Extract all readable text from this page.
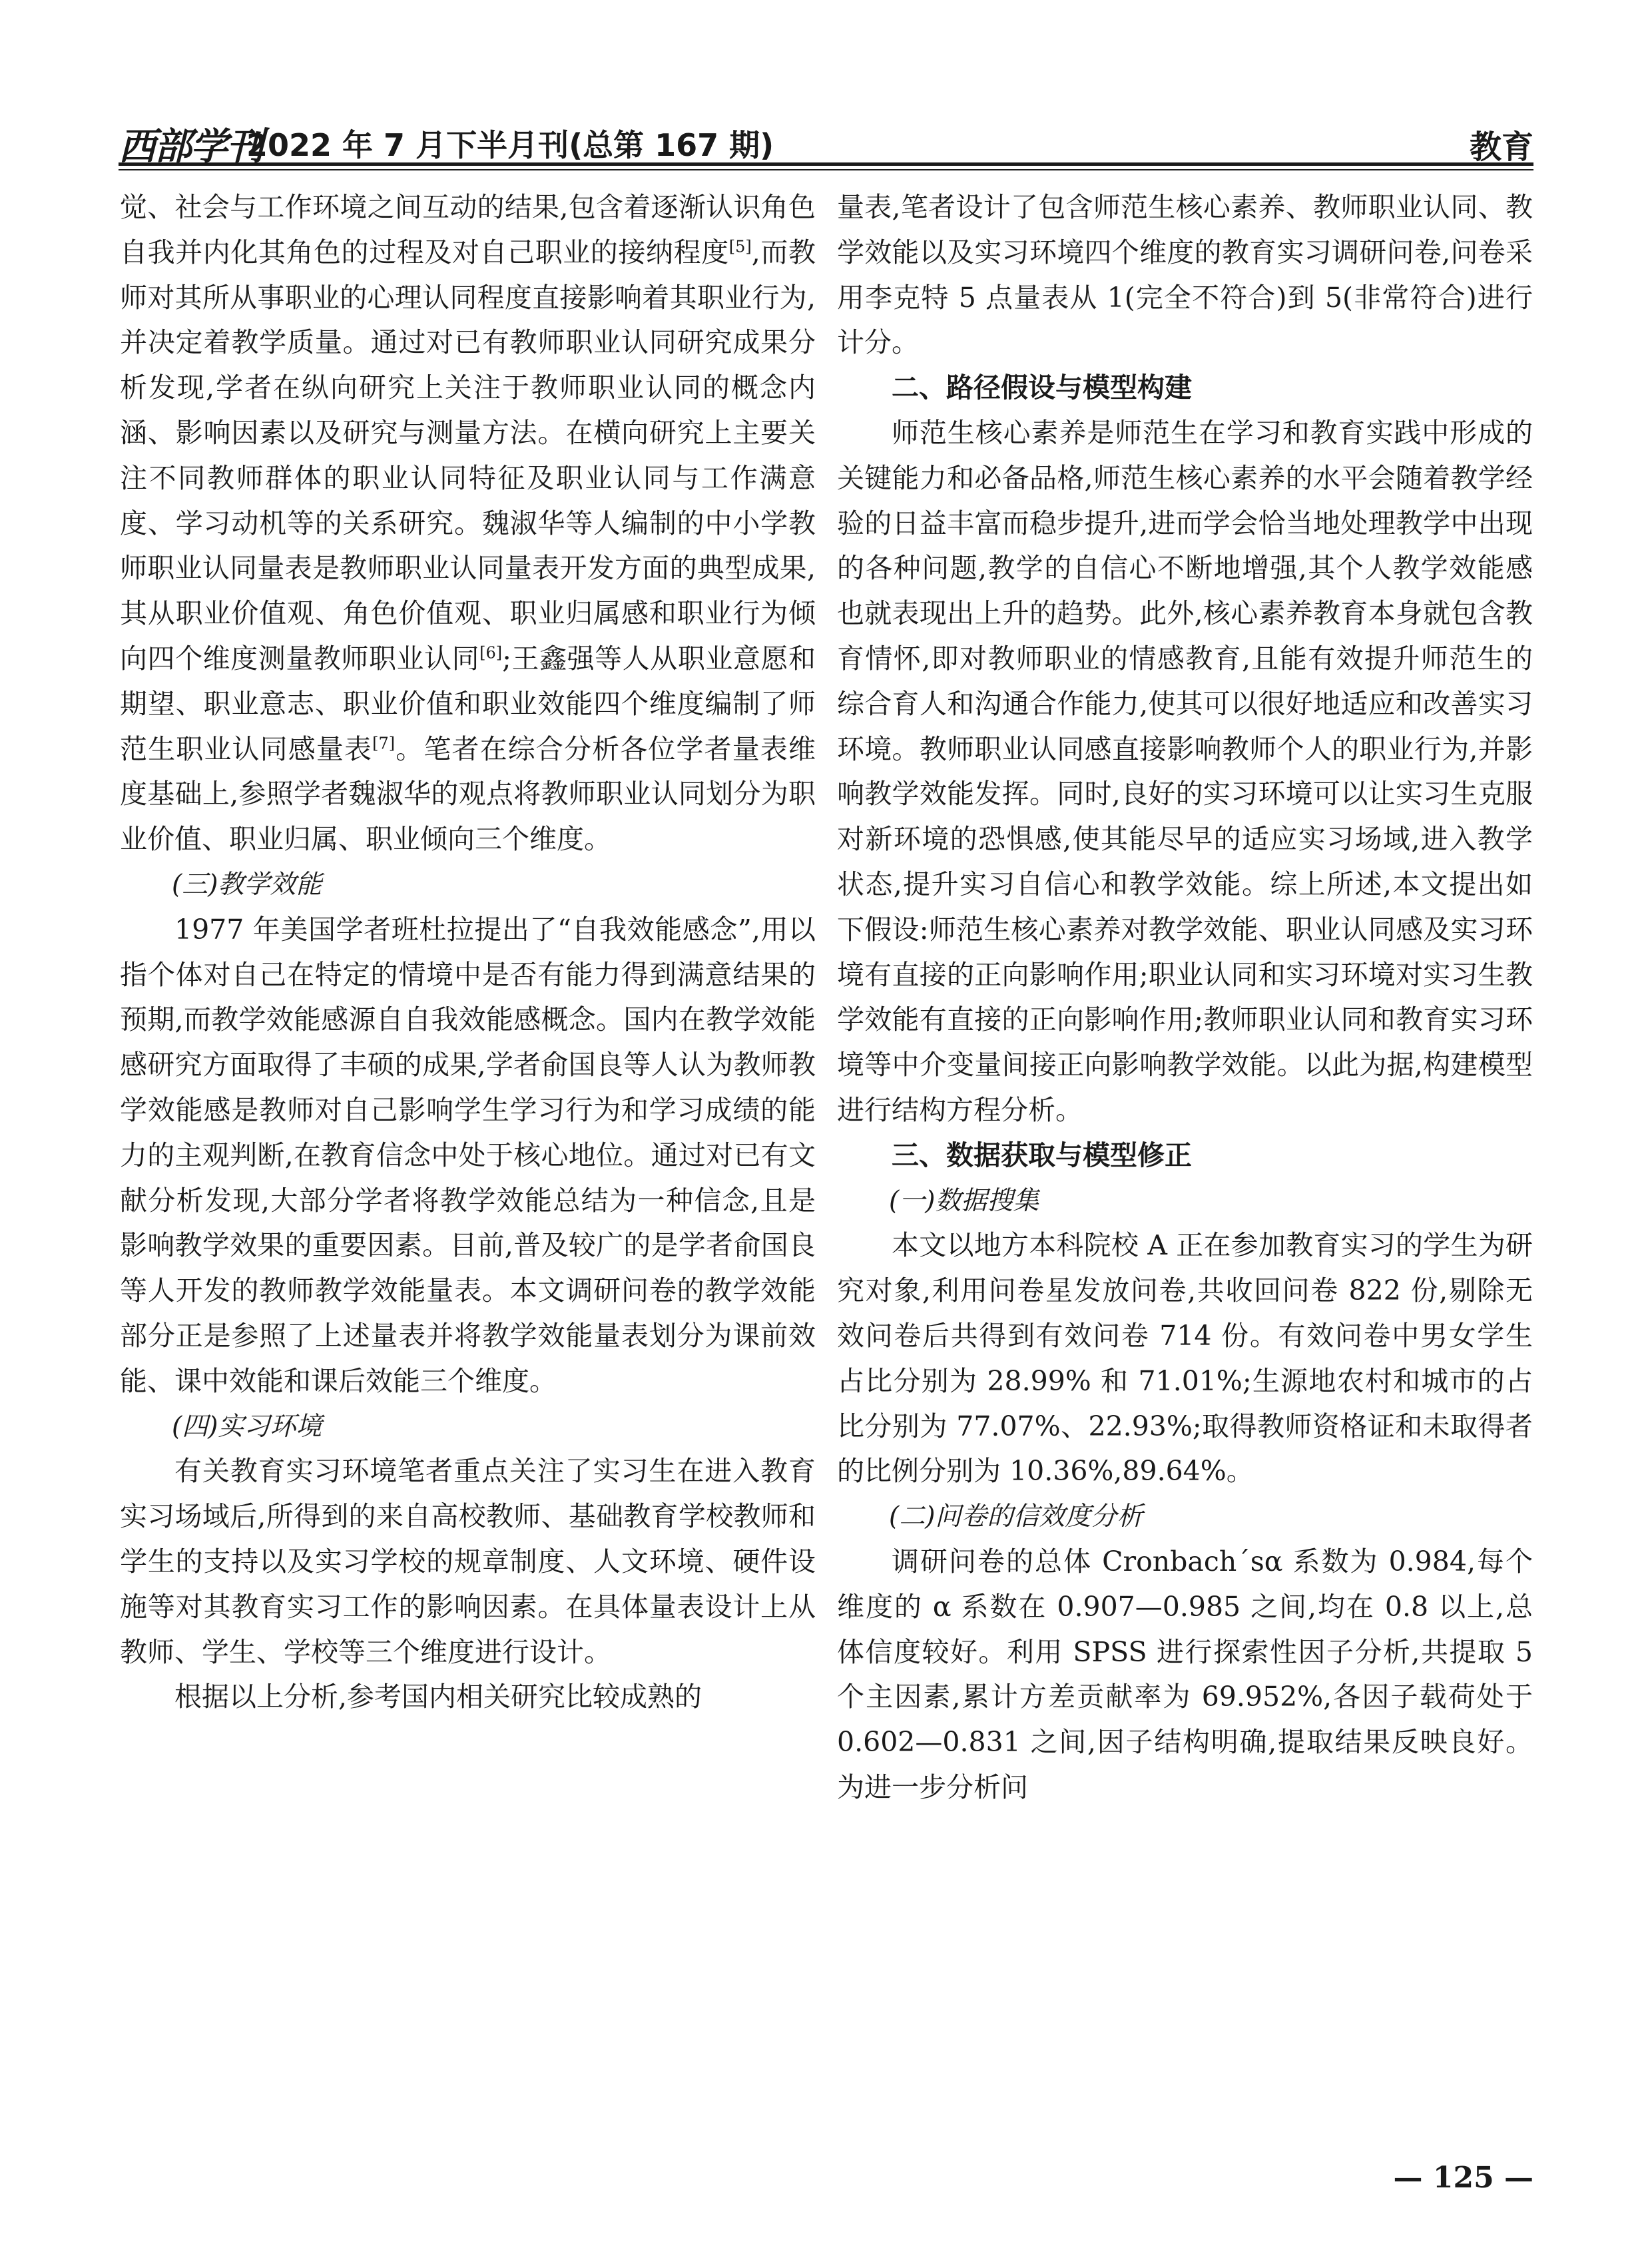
西部学刊
2022 年 7 月下半月刊(总第 167 期)	教育

觉、社会与工作环境之间互动的结果,包含着逐渐认识角色自我并内化其角色的过程及对自己职业的接纳程度[5],而教师对其所从事职业的心理认同程度直接影响着其职业行为,并决定着教学质量。通过对已有教师职业认同研究成果分析发现,学者在纵向研究上关注于教师职业认同的概念内涵、影响因素以及研究与测量方法。在横向研究上主要关注不同教师群体的职业认同特征及职业认同与工作满意度、学习动机等的关系研究。魏淑华等人编制的中小学教师职业认同量表是教师职业认同量表开发方面的典型成果,其从职业价值观、角色价值观、职业归属感和职业行为倾向四个维度测量教师职业认同[6];王鑫强等人从职业意愿和期望、职业意志、职业价值和职业效能四个维度编制了师范生职业认同感量表[7]。笔者在综合分析各位学者量表维度基础上,参照学者魏淑华的观点将教师职业认同划分为职业价值、职业归属、职业倾向三个维度。

(三)教学效能

1977 年美国学者班杜拉提出了“自我效能感念”,用以指个体对自己在特定的情境中是否有能力得到满意结果的预期,而教学效能感源自自我效能感概念。国内在教学效能感研究方面取得了丰硕的成果,学者俞国良等人认为教师教学效能感是教师对自己影响学生学习行为和学习成绩的能力的主观判断,在教育信念中处于核心地位。通过对已有文献分析发现,大部分学者将教学效能总结为一种信念,且是影响教学效果的重要因素。目前,普及较广的是学者俞国良等人开发的教师教学效能量表。本文调研问卷的教学效能部分正是参照了上述量表并将教学效能量表划分为课前效能、课中效能和课后效能三个维度。

(四)实习环境

有关教育实习环境笔者重点关注了实习生在进入教育实习场域后,所得到的来自高校教师、基础教育学校教师和学生的支持以及实习学校的规章制度、人文环境、硬件设施等对其教育实习工作的影响因素。在具体量表设计上从教师、学生、学校等三个维度进行设计。

根据以上分析,参考国内相关研究比较成熟的

量表,笔者设计了包含师范生核心素养、教师职业认同、教学效能以及实习环境四个维度的教育实习调研问卷,问卷采用李克特 5 点量表从 1(完全不符合)到 5(非常符合)进行计分。

二、路径假设与模型构建

师范生核心素养是师范生在学习和教育实践中形成的关键能力和必备品格,师范生核心素养的水平会随着教学经验的日益丰富而稳步提升,进而学会恰当地处理教学中出现的各种问题,教学的自信心不断地增强,其个人教学效能感也就表现出上升的趋势。此外,核心素养教育本身就包含教育情怀,即对教师职业的情感教育,且能有效提升师范生的综合育人和沟通合作能力,使其可以很好地适应和改善实习环境。教师职业认同感直接影响教师个人的职业行为,并影响教学效能发挥。同时,良好的实习环境可以让实习生克服对新环境的恐惧感,使其能尽早的适应实习场域,进入教学状态,提升实习自信心和教学效能。综上所述,本文提出如下假设:师范生核心素养对教学效能、职业认同感及实习环境有直接的正向影响作用;职业认同和实习环境对实习生教学效能有直接的正向影响作用;教师职业认同和教育实习环境等中介变量间接正向影响教学效能。以此为据,构建模型进行结构方程分析。

三、数据获取与模型修正
(一)数据搜集

本文以地方本科院校 A 正在参加教育实习的学生为研究对象,利用问卷星发放问卷,共收回问卷 822 份,剔除无效问卷后共得到有效问卷 714 份。有效问卷中男女学生占比分别为 28.99% 和 71.01%;生源地农村和城市的占比分别为 77.07%、22.93%;取得教师资格证和未取得者的比例分别为 10.36%,89.64%。

(二)问卷的信效度分析

调研问卷的总体 Cronbach´sα 系数为 0.984,每个维度的 α 系数在 0.907—0.985 之间,均在 0.8 以上,总体信度较好。利用 SPSS 进行探索性因子分析,共提取 5 个主因素,累计方差贡献率为 69.952%,各因子载荷处于 0.602—0.831 之间,因子结构明确,提取结果反映良好。为进一步分析问

— 125 —
